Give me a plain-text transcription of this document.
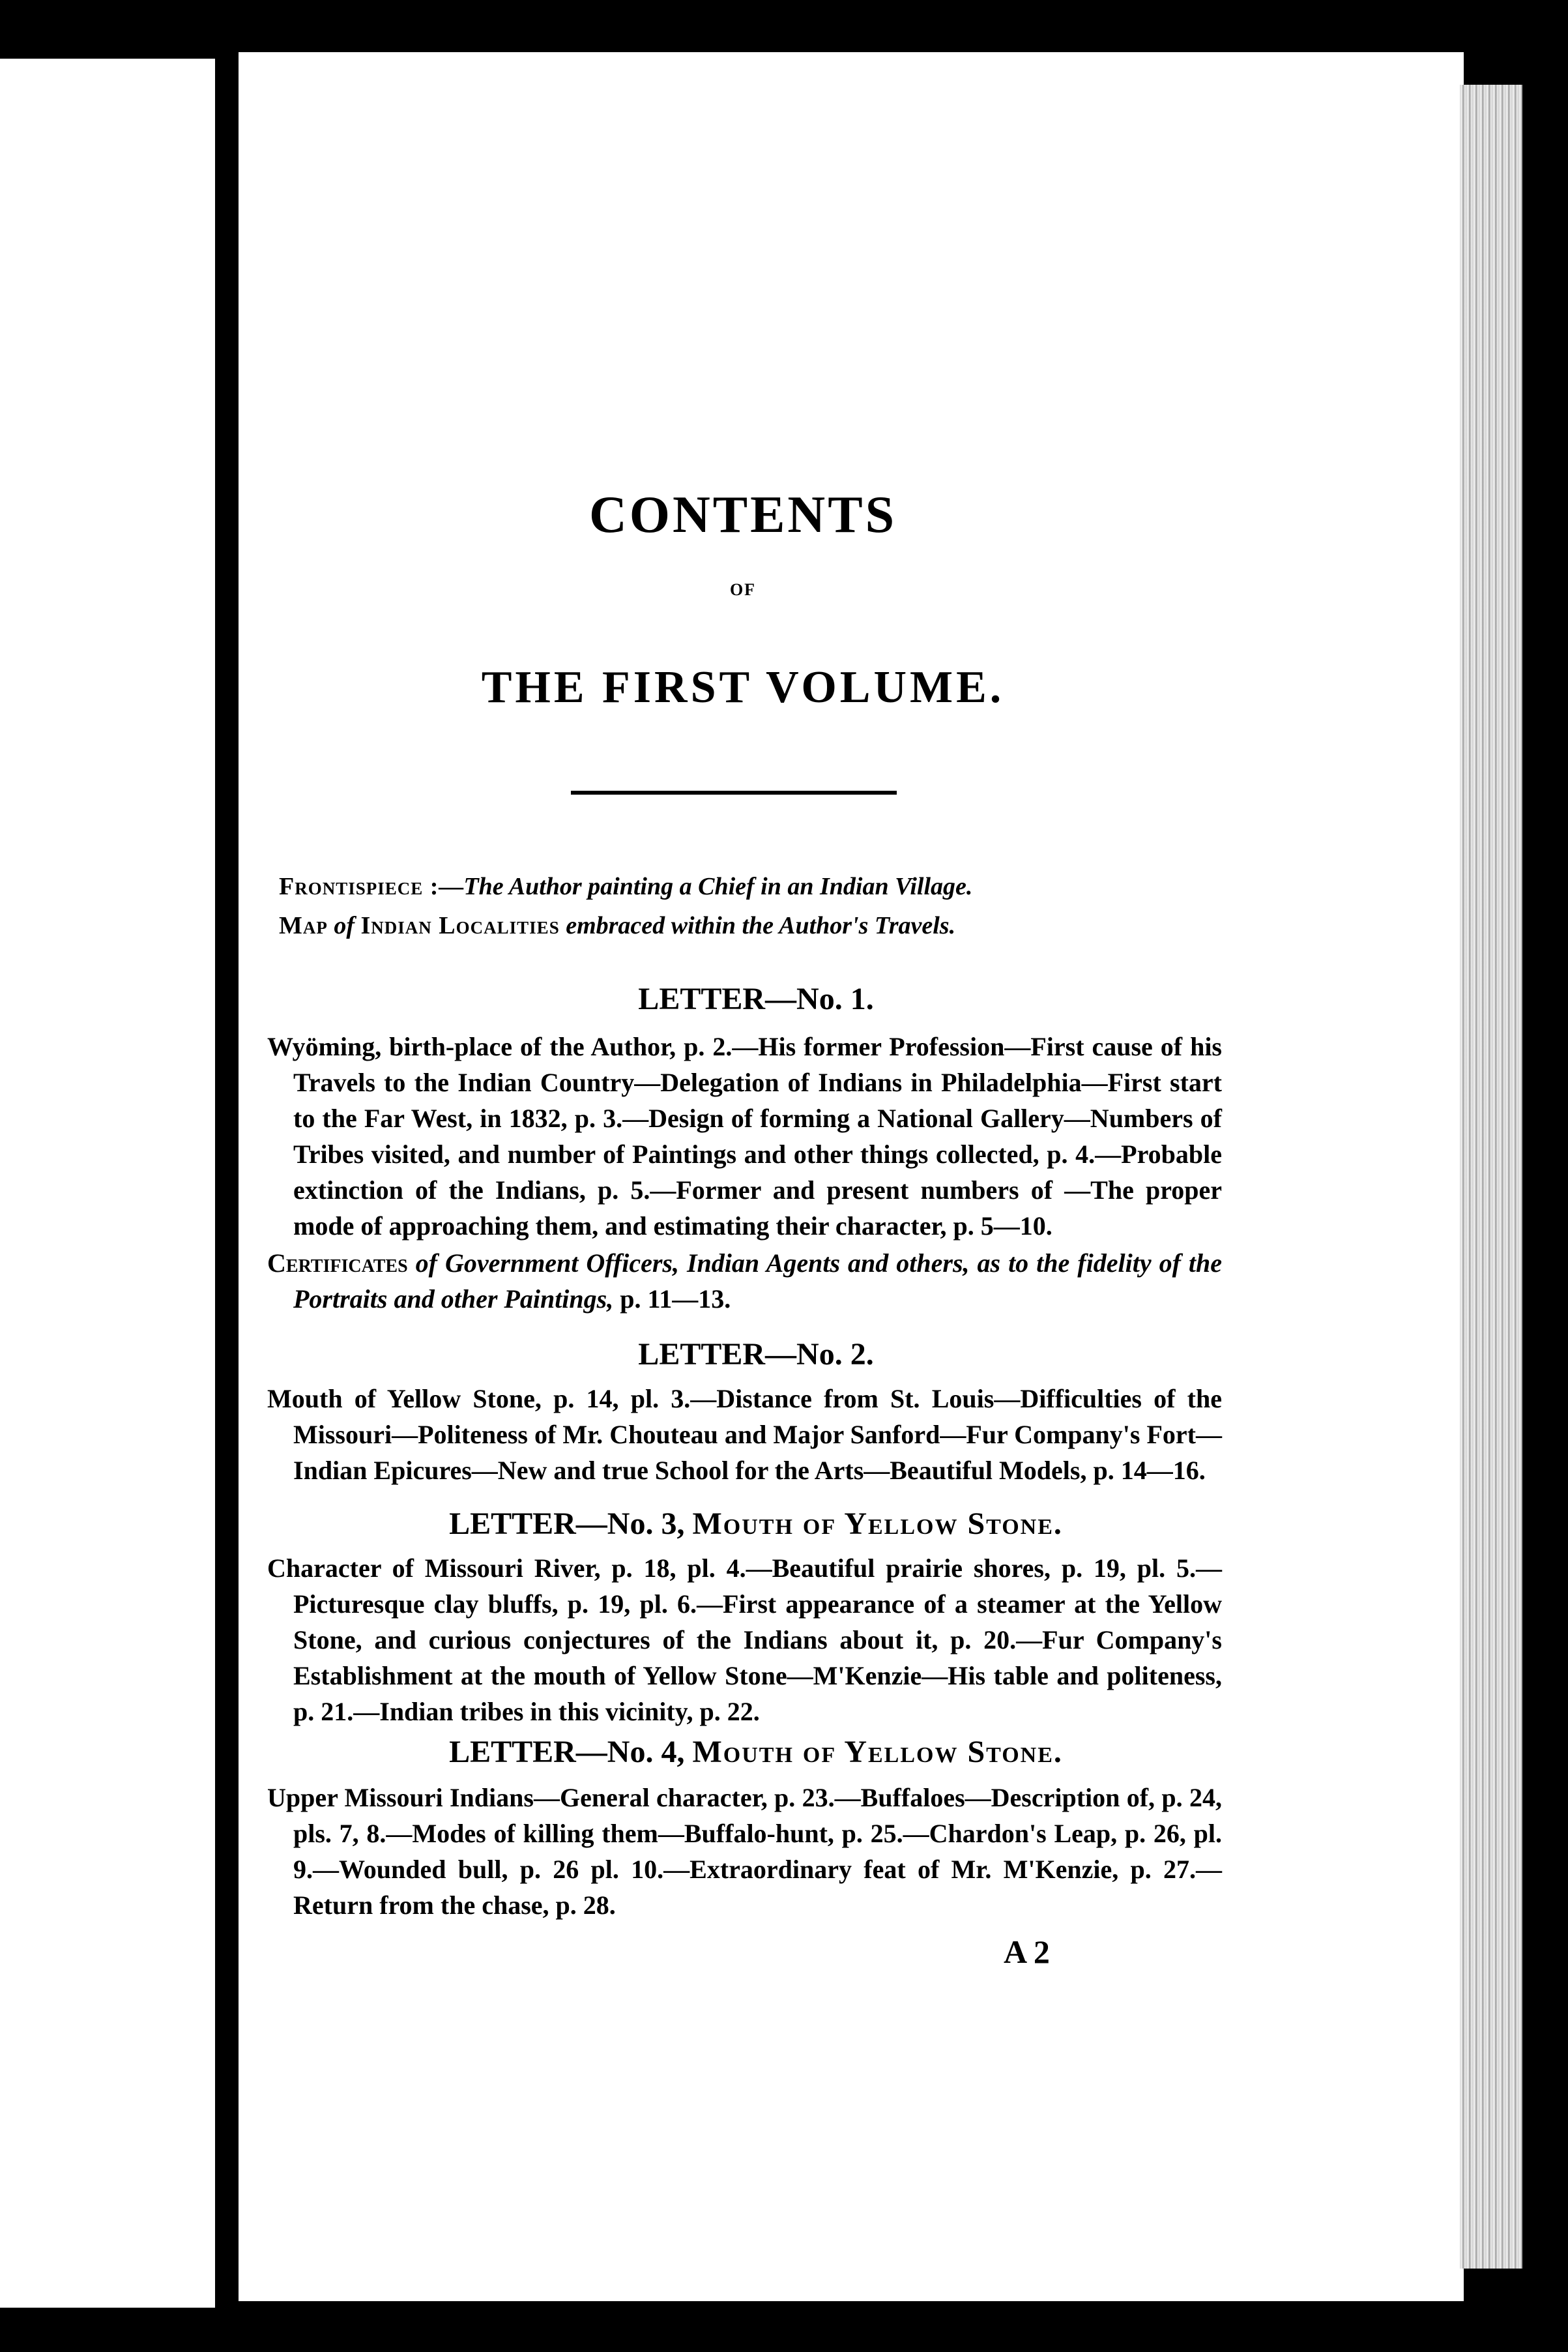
CONTENTS
OF
THE FIRST VOLUME.
Frontispiece :—The Author painting a Chief in an Indian Village.
Map of Indian Localities embraced within the Author's Travels.
LETTER—No. 1.
Wyöming, birth-place of the Author, p. 2.—His former Profession—First cause of his Travels to the Indian Country—Delegation of Indians in Philadelphia—First start to the Far West, in 1832, p. 3.—Design of forming a National Gallery—Numbers of Tribes visited, and number of Paintings and other things collected, p. 4.—Probable extinction of the Indians, p. 5.—Former and present numbers of —The proper mode of approaching them, and estimating their character, p. 5—10.
Certificates of Government Officers, Indian Agents and others, as to the fidelity of the Portraits and other Paintings, p. 11—13.
LETTER—No. 2.
Mouth of Yellow Stone, p. 14, pl. 3.—Distance from St. Louis—Difficulties of the Missouri—Politeness of Mr. Chouteau and Major Sanford—Fur Company's Fort—Indian Epicures—New and true School for the Arts—Beautiful Models, p. 14—16.
LETTER—No. 3, Mouth of Yellow Stone.
Character of Missouri River, p. 18, pl. 4.—Beautiful prairie shores, p. 19, pl. 5.—Picturesque clay bluffs, p. 19, pl. 6.—First appearance of a steamer at the Yellow Stone, and curious conjectures of the Indians about it, p. 20.—Fur Company's Establishment at the mouth of Yellow Stone—M'Kenzie—His table and politeness, p. 21.—Indian tribes in this vicinity, p. 22.
LETTER—No. 4, Mouth of Yellow Stone.
Upper Missouri Indians—General character, p. 23.—Buffaloes—Description of, p. 24, pls. 7, 8.—Modes of killing them—Buffalo-hunt, p. 25.—Chardon's Leap, p. 26, pl. 9.—Wounded bull, p. 26 pl. 10.—Extraordinary feat of Mr. M'Kenzie, p. 27.—Return from the chase, p. 28.
A 2
